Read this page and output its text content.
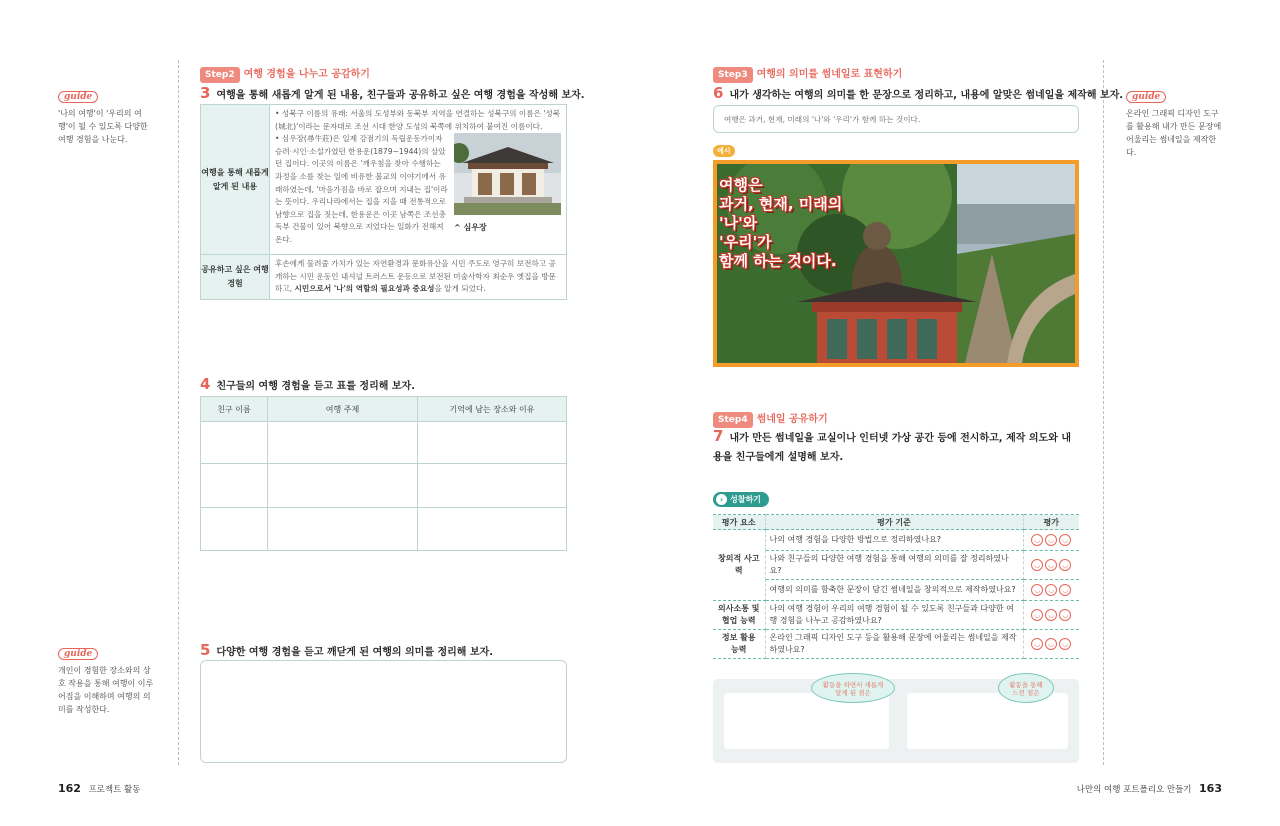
Step2 여행 경험을 나누고 공감하기
guide
'나의 여행'이 '우리의 여행'이 될 수 있도록 다양한 여행 경험을 나눈다.
3 여행을 통해 새롭게 알게 된 내용, 친구들과 공유하고 싶은 여행 경험을 작성해 보자.
여행을 통해 새롭게 알게 된 내용	• 성북구 이름의 유래: 서울의 도성부와 동북부 지역을 연결하는 성북구의 이름은 '성북(城北)'이라는 문자대로 조선 시대 한양 도성의 북쪽에 위치하여 붙여진 이름이다.
• 심우장(尋牛莊)은 일제 강점기의 독립운동가이자 승려·시인·소설가였던 한용운(1879~1944)의 살았던 집이다. 이곳의 이름은 '깨우침을 찾아 수행하는 과정을 소를 찾는 일에 비유한 불교의 이야기에서 유래하였는데, '마음가짐을 바로 잡으며 지내는 집'이라는 뜻이다. 우리나라에서는 집을 지을 때 전통적으로 남향으로 집을 짓는데, 한용운은 이곳 남쪽은 조선총독부 건물이 있어 북향으로 지었다는 일화가 전해져 온다.
^ 심우장

공유하고 싶은 여행 경험	후손에게 물려줄 가치가 있는 자연환경과 문화유산을 시민 주도로 영구히 보전하고 공개하는 시민 운동인 내셔널 트러스트 운동으로 보전된 미술사학자 최순우 옛집을 방문하고, 시민으로서 '나'의 역할의 필요성과 중요성을 알게 되었다.
4 친구들의 여행 경험을 듣고 표를 정리해 보자.
친구 이름	여행 주제	기억에 남는 장소와 이유

guide
개인이 경험한 장소와의 상호 작용을 통해 여행이 이루어짐을 이해하며 여행의 의미를 작성한다.
5 다양한 여행 경험을 듣고 깨닫게 된 여행의 의미를 정리해 보자.
162 프로젝트 활동
Step3 여행의 의미를 썸네일로 표현하기
guide
온라인 그래픽 디자인 도구를 활용해 내가 만든 문장에 어울리는 썸네일을 제작한다.
6 내가 생각하는 여행의 의미를 한 문장으로 정리하고, 내용에 알맞은 썸네일을 제작해 보자.
여행은 과거, 현재, 미래의 '나'와 '우리'가 함께 하는 것이다.
예시
여행은
과거, 현재, 미래의
'나'와
'우리'가
함께 하는 것이다.
Step4 썸네일 공유하기
7 내가 만든 썸네일을 교실이나 인터넷 가상 공간 등에 전시하고, 제작 의도와 내용을 친구들에게 설명해 보자.
› 성찰하기
평가 요소	평가 기준	평가
창의적 사고력	나의 여행 경험을 다양한 방법으로 정리하였나요?	◡ ◡ ◡
	나와 친구들의 다양한 여행 경험을 통해 여행의 의미를 잘 정리하였나요?	◡ ◡ ◡
	여행의 의미를 함축한 문장이 담긴 썸네일을 창의적으로 제작하였나요?	◡ ◡ ◡
의사소통 및 협업 능력	나의 여행 경험이 우리의 여행 경험이 될 수 있도록 친구들과 다양한 여행 경험을 나누고 공감하였나요?	◡ ◡ ◡
정보 활용 능력	온라인 그래픽 디자인 도구 등을 활용해 문장에 어울리는 썸네일을 제작하였나요?	◡ ◡ ◡
활동을 하면서 새롭게 알게 된 점은
활동을 통해 느낀 점은
나만의 여행 포트폴리오 만들기 163
